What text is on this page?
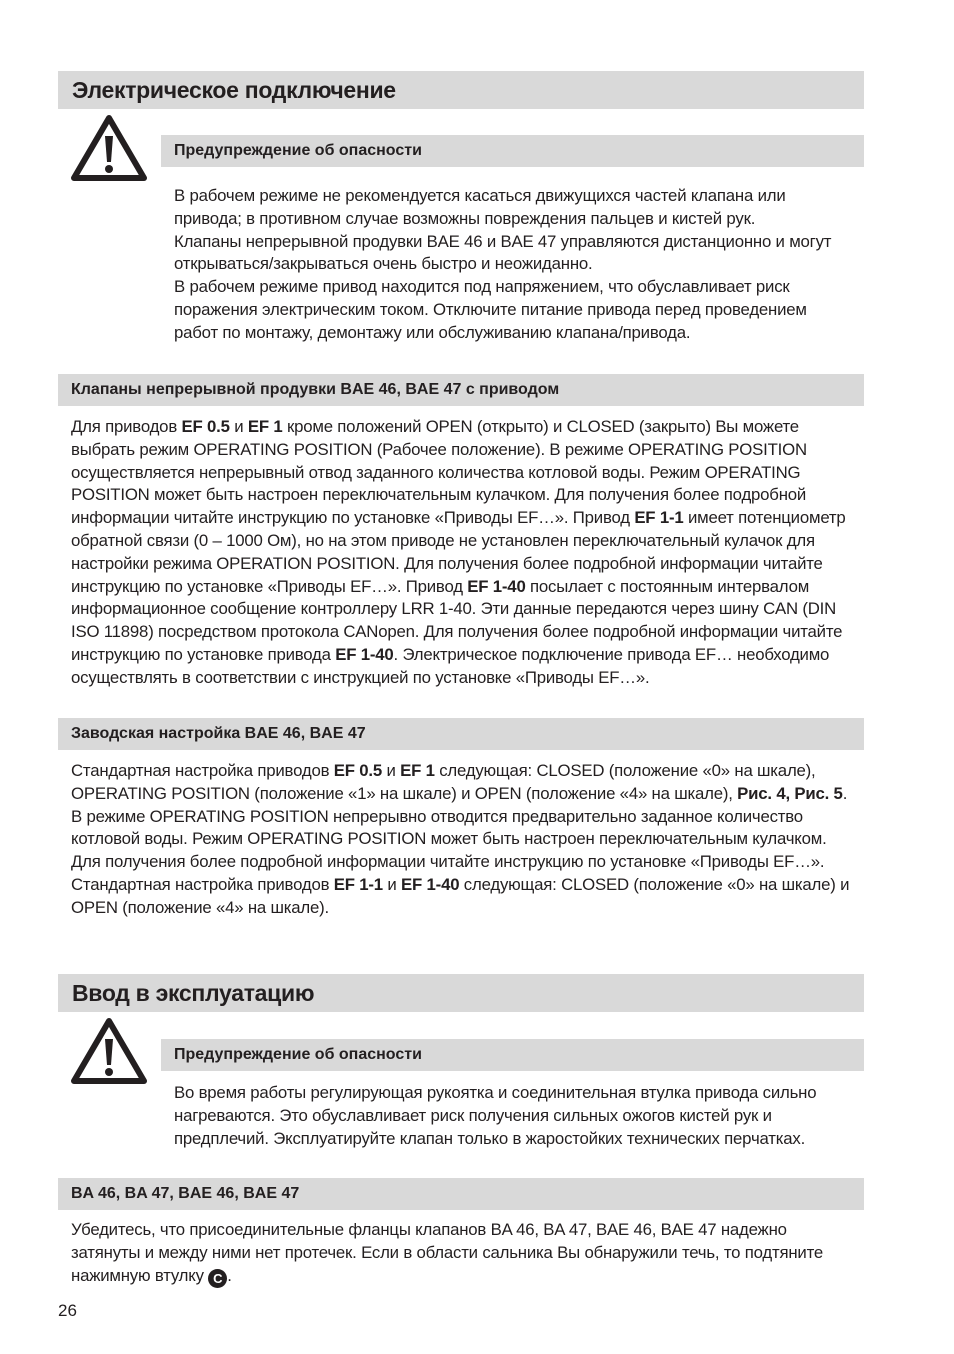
Электрическое подключение
Предупреждение об опасности
В рабочем режиме не рекомендуется касаться движущихся частей клапана или
привода; в противном случае возможны повреждения пальцев и кистей рук.
Клапаны непрерывной продувки BAE 46 и BAE 47 управляются дистанционно и могут
открываться/закрываться очень быстро и неожиданно.
В рабочем режиме привод находится под напряжением, что обуславливает риск
поражения электрическим током. Отключите питание привода перед проведением
работ по монтажу, демонтажу или обслуживанию клапана/привода.
Клапаны непрерывной продувки BAE 46, BAE 47 с приводом
Для приводов EF 0.5 и EF 1 кроме положений OPEN (открыто) и CLOSED (закрыто) Вы можете
выбрать режим OPERATING POSITION (Рабочее положение). В режиме OPERATING POSITION
осуществляется непрерывный отвод заданного количества котловой воды. Режим OPERATING
POSITION может быть настроен переключательным кулачком. Для получения более подробной
информации читайте инструкцию по установке «Приводы EF…». Привод EF 1-1 имеет потенциометр
обратной связи (0 – 1000 Ом), но на этом приводе не установлен переключательный кулачок для
настройки режима OPERATION POSITION. Для получения более подробной информации читайте
инструкцию по установке «Приводы EF…». Привод EF 1-40 посылает с постоянным интервалом
информационное сообщение контроллеру LRR 1-40. Эти данные передаются через шину CAN (DIN
ISO 11898) посредством протокола CANopen. Для получения более подробной информации читайте
инструкцию по установке привода EF 1-40. Электрическое подключение привода EF… необходимо
осуществлять в соответствии с инструкцией по установке «Приводы EF…».
Заводская настройка BAE 46, BAE 47
Стандартная настройка приводов EF 0.5 и EF 1 следующая: CLOSED (положение «0» на шкале),
OPERATING POSITION (положение «1» на шкале) и OPEN (положение «4» на шкале), Рис. 4, Рис. 5.
В режиме OPERATING POSITION непрерывно отводится предварительно заданное количество
котловой воды. Режим OPERATING POSITION может быть настроен переключательным кулачком.
Для получения более подробной информации читайте инструкцию по установке «Приводы EF…».
Стандартная настройка приводов EF 1-1 и EF 1-40 следующая: CLOSED (положение «0» на шкале) и
OPEN (положение «4» на шкале).
Ввод в эксплуатацию
Предупреждение об опасности
Во время работы регулирующая рукоятка и соединительная втулка привода сильно
нагреваются. Это обуславливает риск получения сильных ожогов кистей рук и
предплечий. Эксплуатируйте клапан только в жаростойких технических перчатках.
BA 46, BA 47, BAE 46, BAE 47
Убедитесь, что присоединительные фланцы клапанов BA 46, BA 47, BAE 46, BAE 47 надежно
затянуты и между ними нет протечек. Если в области сальника Вы обнаружили течь, то подтяните
нажимную втулку C .
26
